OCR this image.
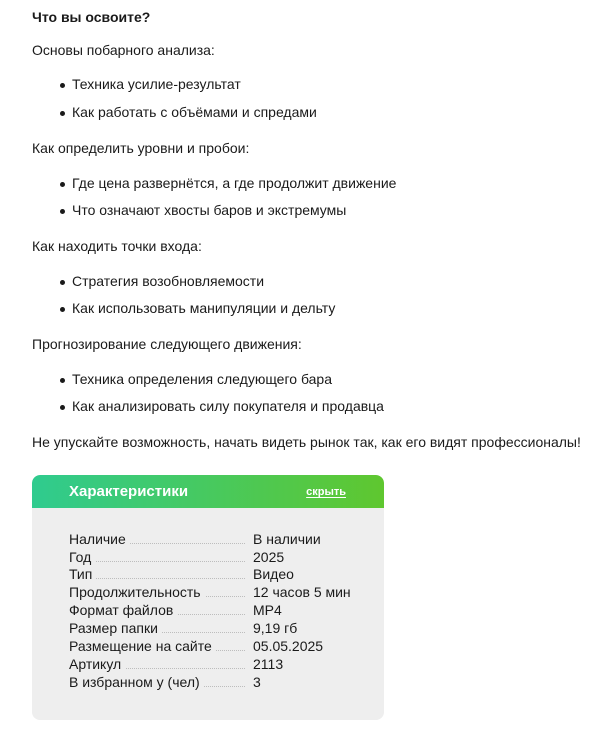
Что вы освоите?
Основы побарного анализа:
Техника усилие-результат
Как работать с объёмами и спредами
Как определить уровни и пробои:
Где цена развернётся, а где продолжит движение
Что означают хвосты баров и экстремумы
Как находить точки входа:
Стратегия возобновляемости
Как использовать манипуляции и дельту
Прогнозирование следующего движения:
Техника определения следующего бара
Как анализировать силу покупателя и продавца
Не упускайте возможность, начать видеть рынок так, как его видят профессионалы!
Характеристики	скрыть
Наличие	В наличии
Год	2025
Тип	Видео
Продолжительность	12 часов 5 мин
Формат файлов	MP4
Размер папки	9,19 гб
Размещение на сайте	05.05.2025
Артикул	2113
В избранном у (чел)	3
